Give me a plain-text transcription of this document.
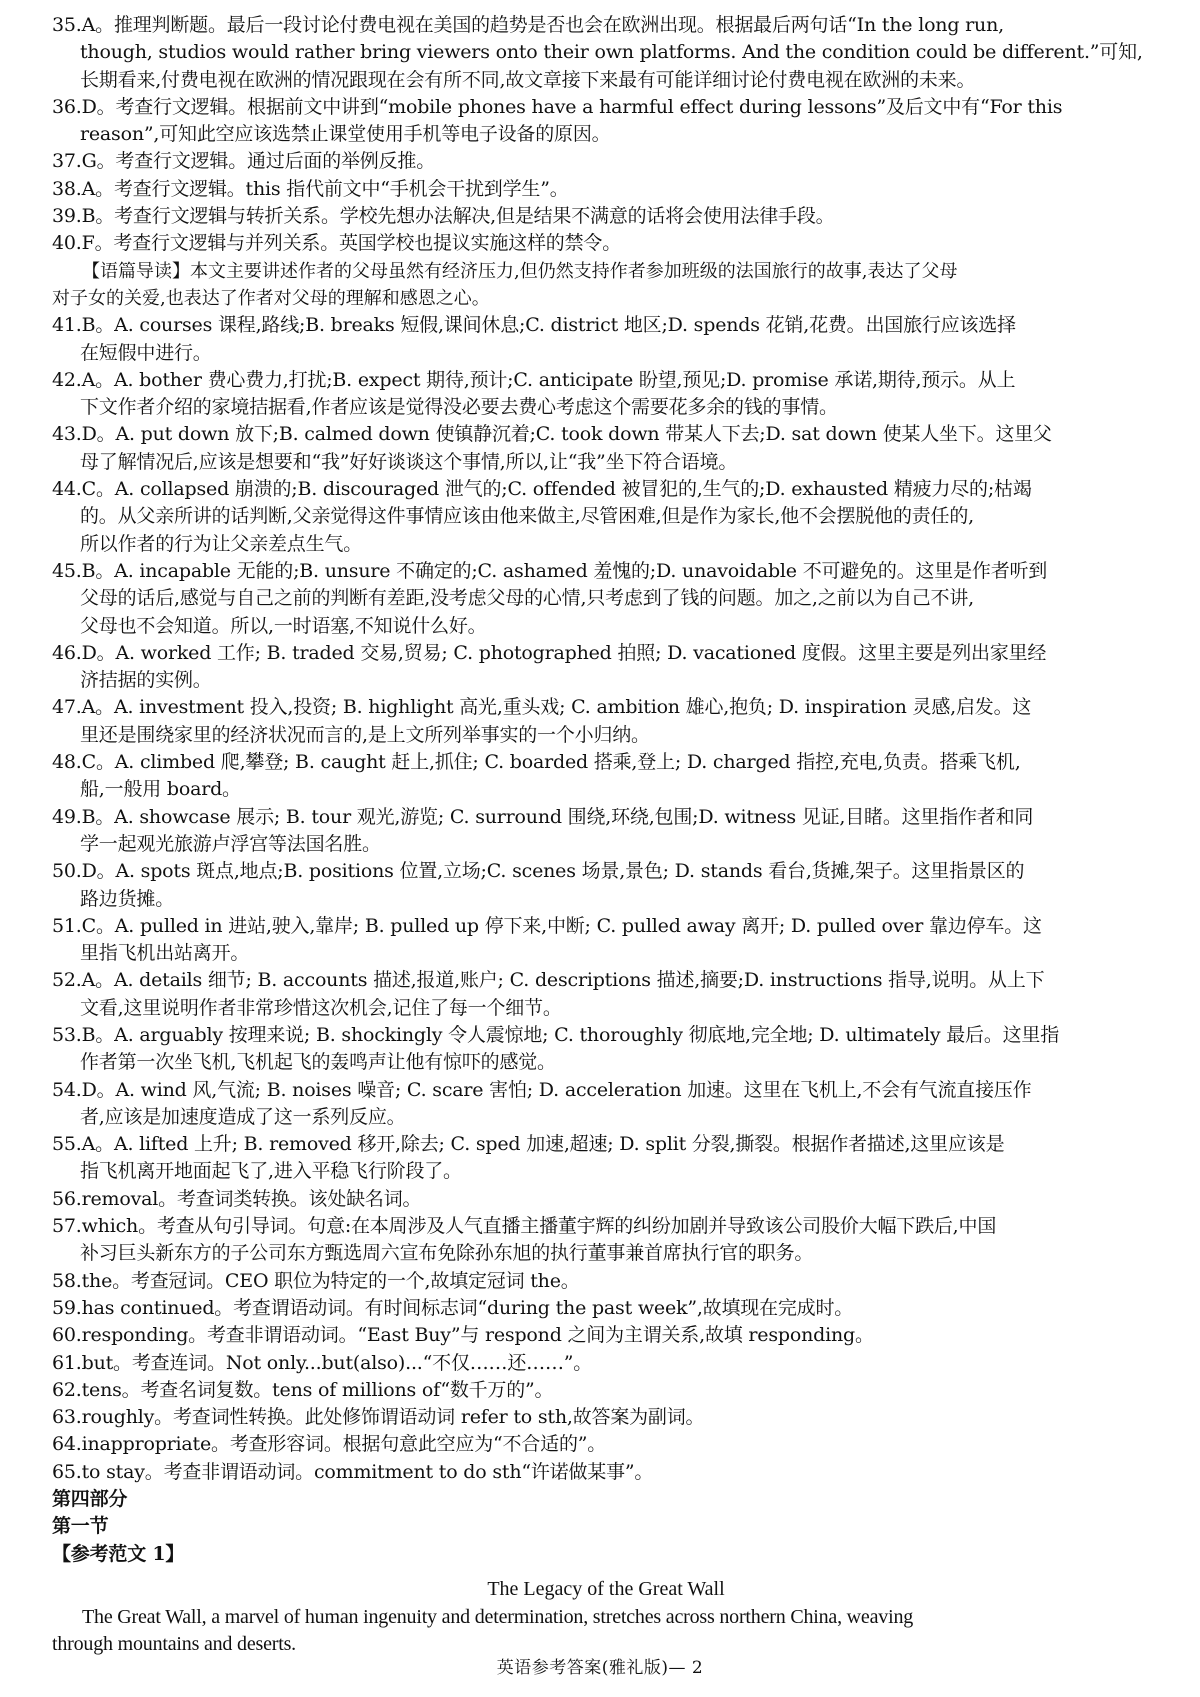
35.A。推理判断题。最后一段讨论付费电视在美国的趋势是否也会在欧洲出现。根据最后两句话“In the long run,
though, studios would rather bring viewers onto their own platforms. And the condition could be different.”可知,
长期看来,付费电视在欧洲的情况跟现在会有所不同,故文章接下来最有可能详细讨论付费电视在欧洲的未来。
36.D。考查行文逻辑。根据前文中讲到“mobile phones have a harmful effect during lessons”及后文中有“For this
reason”,可知此空应该选禁止课堂使用手机等电子设备的原因。
37.G。考查行文逻辑。通过后面的举例反推。
38.A。考查行文逻辑。this 指代前文中“手机会干扰到学生”。
39.B。考查行文逻辑与转折关系。学校先想办法解决,但是结果不满意的话将会使用法律手段。
40.F。考查行文逻辑与并列关系。英国学校也提议实施这样的禁令。
【语篇导读】本文主要讲述作者的父母虽然有经济压力,但仍然支持作者参加班级的法国旅行的故事,表达了父母
对子女的关爱,也表达了作者对父母的理解和感恩之心。
41.B。A. courses 课程,路线;B. breaks 短假,课间休息;C. district 地区;D. spends 花销,花费。出国旅行应该选择
在短假中进行。
42.A。A. bother 费心费力,打扰;B. expect 期待,预计;C. anticipate 盼望,预见;D. promise 承诺,期待,预示。从上
下文作者介绍的家境拮据看,作者应该是觉得没必要去费心考虑这个需要花多余的钱的事情。
43.D。A. put down 放下;B. calmed down 使镇静沉着;C. took down 带某人下去;D. sat down 使某人坐下。这里父
母了解情况后,应该是想要和“我”好好谈谈这个事情,所以,让“我”坐下符合语境。
44.C。A. collapsed 崩溃的;B. discouraged 泄气的;C. offended 被冒犯的,生气的;D. exhausted 精疲力尽的;枯竭
的。从父亲所讲的话判断,父亲觉得这件事情应该由他来做主,尽管困难,但是作为家长,他不会摆脱他的责任的,
所以作者的行为让父亲差点生气。
45.B。A. incapable 无能的;B. unsure 不确定的;C. ashamed 羞愧的;D. unavoidable 不可避免的。这里是作者听到
父母的话后,感觉与自己之前的判断有差距,没考虑父母的心情,只考虑到了钱的问题。加之,之前以为自己不讲,
父母也不会知道。所以,一时语塞,不知说什么好。
46.D。A. worked 工作; B. traded 交易,贸易; C. photographed 拍照; D. vacationed 度假。这里主要是列出家里经
济拮据的实例。
47.A。A. investment 投入,投资; B. highlight 高光,重头戏; C. ambition 雄心,抱负; D. inspiration 灵感,启发。这
里还是围绕家里的经济状况而言的,是上文所列举事实的一个小归纳。
48.C。A. climbed 爬,攀登; B. caught 赶上,抓住; C. boarded 搭乘,登上; D. charged 指控,充电,负责。搭乘飞机,
船,一般用 board。
49.B。A. showcase 展示; B. tour 观光,游览; C. surround 围绕,环绕,包围;D. witness 见证,目睹。这里指作者和同
学一起观光旅游卢浮宫等法国名胜。
50.D。A. spots 斑点,地点;B. positions 位置,立场;C. scenes 场景,景色; D. stands 看台,货摊,架子。这里指景区的
路边货摊。
51.C。A. pulled in 进站,驶入,靠岸; B. pulled up 停下来,中断; C. pulled away 离开; D. pulled over 靠边停车。这
里指飞机出站离开。
52.A。A. details 细节; B. accounts 描述,报道,账户; C. descriptions 描述,摘要;D. instructions 指导,说明。从上下
文看,这里说明作者非常珍惜这次机会,记住了每一个细节。
53.B。A. arguably 按理来说; B. shockingly 令人震惊地; C. thoroughly 彻底地,完全地; D. ultimately 最后。这里指
作者第一次坐飞机,飞机起飞的轰鸣声让他有惊吓的感觉。
54.D。A. wind 风,气流; B. noises 噪音; C. scare 害怕; D. acceleration 加速。这里在飞机上,不会有气流直接压作
者,应该是加速度造成了这一系列反应。
55.A。A. lifted 上升; B. removed 移开,除去; C. sped 加速,超速; D. split 分裂,撕裂。根据作者描述,这里应该是
指飞机离开地面起飞了,进入平稳飞行阶段了。
56.removal。考查词类转换。该处缺名词。
57.which。考查从句引导词。句意:在本周涉及人气直播主播董宇辉的纠纷加剧并导致该公司股价大幅下跌后,中国
补习巨头新东方的子公司东方甄选周六宣布免除孙东旭的执行董事兼首席执行官的职务。
58.the。考查冠词。CEO 职位为特定的一个,故填定冠词 the。
59.has continued。考查谓语动词。有时间标志词“during the past week”,故填现在完成时。
60.responding。考查非谓语动词。“East Buy”与 respond 之间为主谓关系,故填 responding。
61.but。考查连词。Not only...but(also)...“不仅……还……”。
62.tens。考查名词复数。tens of millions of“数千万的”。
63.roughly。考查词性转换。此处修饰谓语动词 refer to sth,故答案为副词。
64.inappropriate。考查形容词。根据句意此空应为“不合适的”。
65.to stay。考查非谓语动词。commitment to do sth“许诺做某事”。
第四部分
第一节
【参考范文 1】
The Legacy of the Great Wall
The Great Wall, a marvel of human ingenuity and determination, stretches across northern China, weaving
through mountains and deserts.
英语参考答案(雅礼版)— 2
